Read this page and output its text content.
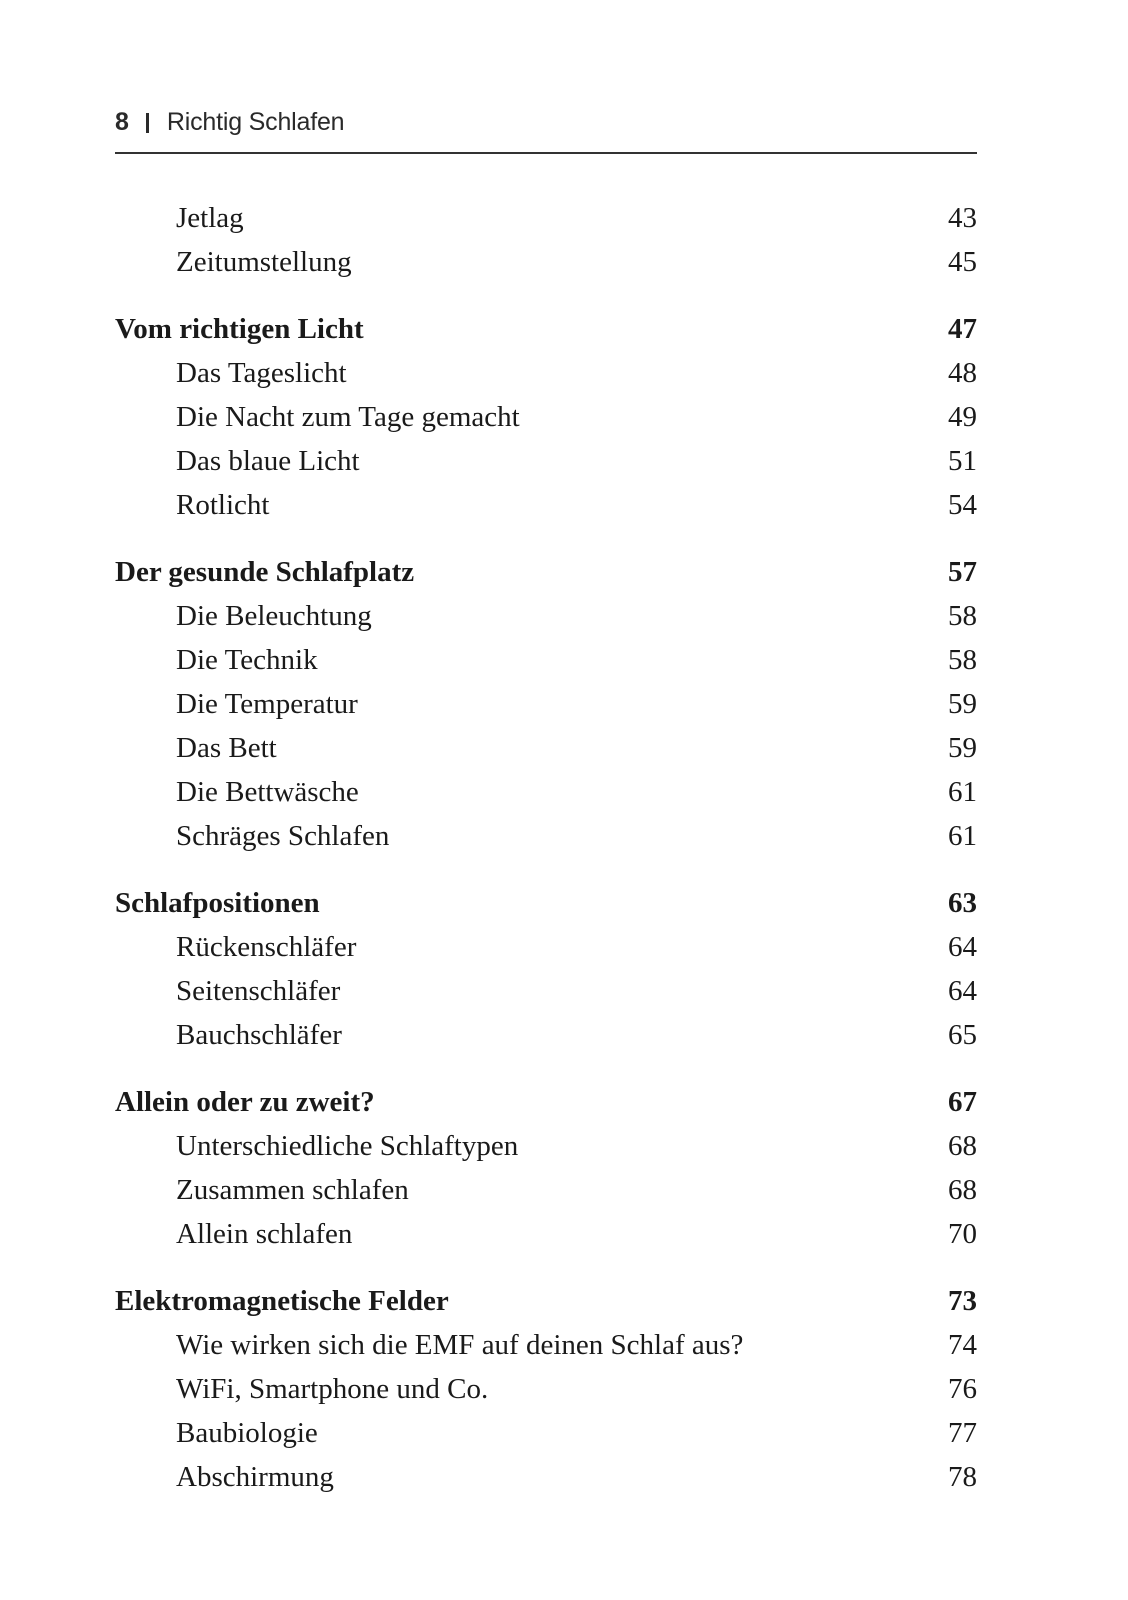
8 Richtig Schlafen
Jetlag .....	43
Zeitumstellung .....	45
Vom richtigen Licht .....	47
Das Tageslicht .....	48
Die Nacht zum Tage gemacht .....	49
Das blaue Licht .....	51
Rotlicht .....	54
Der gesunde Schlafplatz .....	57
Die Beleuchtung .....	58
Die Technik .....	58
Die Temperatur .....	59
Das Bett .....	59
Die Bettwäsche .....	61
Schräges Schlafen .....	61
Schlafpositionen .....	63
Rückenschläfer .....	64
Seitenschläfer .....	64
Bauchschläfer .....	65
Allein oder zu zweit? .....	67
Unterschiedliche Schlaftypen .....	68
Zusammen schlafen .....	68
Allein schlafen .....	70
Elektromagnetische Felder .....	73
Wie wirken sich die EMF auf deinen Schlaf aus? .....	74
WiFi, Smartphone und Co. .....	76
Baubiologie .....	77
Abschirmung .....	78
